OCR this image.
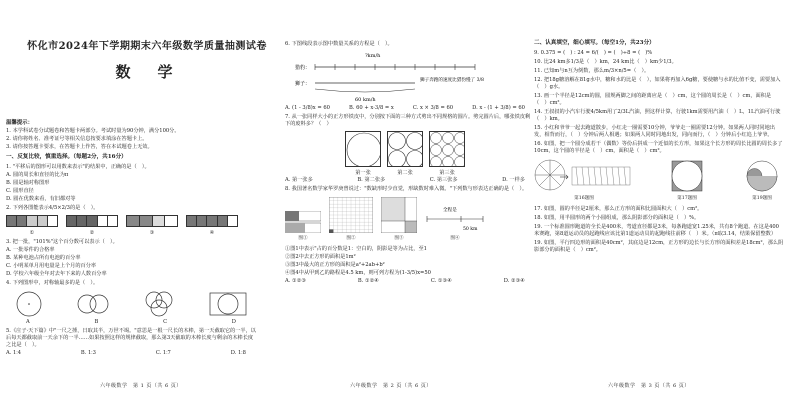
怀化市2024年下学期期末六年级数学质量抽测试卷
数　学
温馨提示：

1. 本学科试卷分试题卷和答题卡两部分。考试时量为90分钟，满分100分。

2. 请你将姓名、准考证号等相关信息按要求填涂在答题卡上。

3. 请你按答题卡要求，在答题卡上作答，答在本试题卷上无效。

一、反复比较，慎重选择。（每题2分，共16分）

1. "平移后的图形可以用数来表示"的结果中，正确的是（　）。

A. 圆的周长和直径的比为π

B. 圆是轴对称图形

C. 圆形直径

D. 圆在优数来看，有旧都对等

2. 下列各图能表示4/5×2/3的是（　）。

①	②	③	④

3. 把一批，"101%"这个百分数可以表示（　）。

A. 一批零件的合格率

B. 某种电池占所有电池的百分率

C. 小明某单月用电量是上个月的百分率

D. 学校六年级全年对去年下来的人数百分率

4. 下列图形中，对称轴最多的是（　）。

A	B	C	D

5.《庄子·天下篇》中"一尺之捶，日取其半，万世不竭。"意思是一根一尺长的木棒，第一天截取它的一半，以后每天都截取前一天余下的一半……如果按照这样的规律截取，那么第3天截取的木棒长度与剩余的木棒长度之比是（　）。

A. 1∶4	B. 1∶3	C. 1∶7	D. 1∶8

6. 下图线段表示图中数量关系的方程是（　）。

?km/h
猎豹：
狮子：
狮子奔跑的速度比猎豹慢了 3/8
60 km/h
A. (1 - 3/8)x = 60	B. 60 + x·3/8 = x	C. x × 3/8 = 60	D. x - (1 + 3/8) = 60

7. 从一张同样大小的正方形铁皮中，分别按下面的三种方式剪出不同规格的圆片。剪完圆片后，哪张铁皮剩下的废料多？（　）

第一张	第二张	第三张
A. 第一张多	B. 第二张多	C. 第三张多	D. 一样多

8. 我国著名数学家华罗庚曾说过："数缺形时少直觉，形缺数时难入微。"下列数与形表达正确的是（　）。

图①	图②	图③
全程是
50 km
图④

①图1中表示"占的百分数是1：空白的，阴影是等为占比，至1

②图2中去正方形的面积是1m²

③图3中最大的正方形的面积是a²+2ab+b²

④图4中从甲到乙的路程是4.5 km，则可列方程为(1-3/5)x=50

A. ①②③	B. ①②④	C. ①③④	D. ②③④
二、认真填空，细心填写。（每空1分，共23分）

9. 0.375 = (　) : 24 = 6/(　) = (　)÷8 = (　)%

10. 比24 km多1/3是（　）km，24 km比（　）km少1/3。

11. 已知m与n互为倒数，那么m/3×n/5=（　）。

12. 把18g糖溶解在81g水中，糖和水的比是（　），如果将再加入6g糖，要使糖与水的比值不变，需要加入（　）g水。

13. 画一个半径是12cm的圆，圆规两脚之间的距离应是（　）cm，这个圆的周长是（　）cm，面积是（　）cm²。

14. 王叔叔的小汽车行驶4/5km用了2/3L汽油，照这样计算，行驶1km需要用汽油（　）L，1L汽油可行驶（　）km。

15. 小红和爷爷一起去跑道散步，小红走一圈需要10分钟，爷爷走一圈需要12分钟。如果两人同时同地出发，相背而行，（　）分钟后两人相遇；如果两人同时同地出发，同向而行，（　）分钟后小红追上爷爷。

16. 如图，把一个圆分成若干（偶数）等份后拼成一个近似的长方形，如果这个长方形的周长比圆的周长多了10cm，这个圆的半径是（　）cm，面积是（　）cm²。

第16题图	第17题图	第19题图

17. 如图，圆的半径是2厘米，那么正方形的面积比圆面积大（　）cm²。

18. 如图，用半圆形的两个小圆组成，那么阴影部分的面积是（　）%。

19. 一个标准圆形跑道的全长是400米，弯道直径都是3米，每条跑道宽1.25米，共有8个跑道。在这是400米赛跑，第8道运动员的起跑线应该比第1道运动员的起跑线往前移（　）米。（π取3.14，结果保留整数）

19. 如图，平行四边形的面积是40cm²，其底边是12cm，正方形的边长与长方形的面积差是18cm²，那么阴影部分的面积是（　）cm²。

六年级数学　第 1 页（共 6 页）	六年级数学　第 2 页（共 6 页）	六年级数学　第 3 页（共 6 页）
